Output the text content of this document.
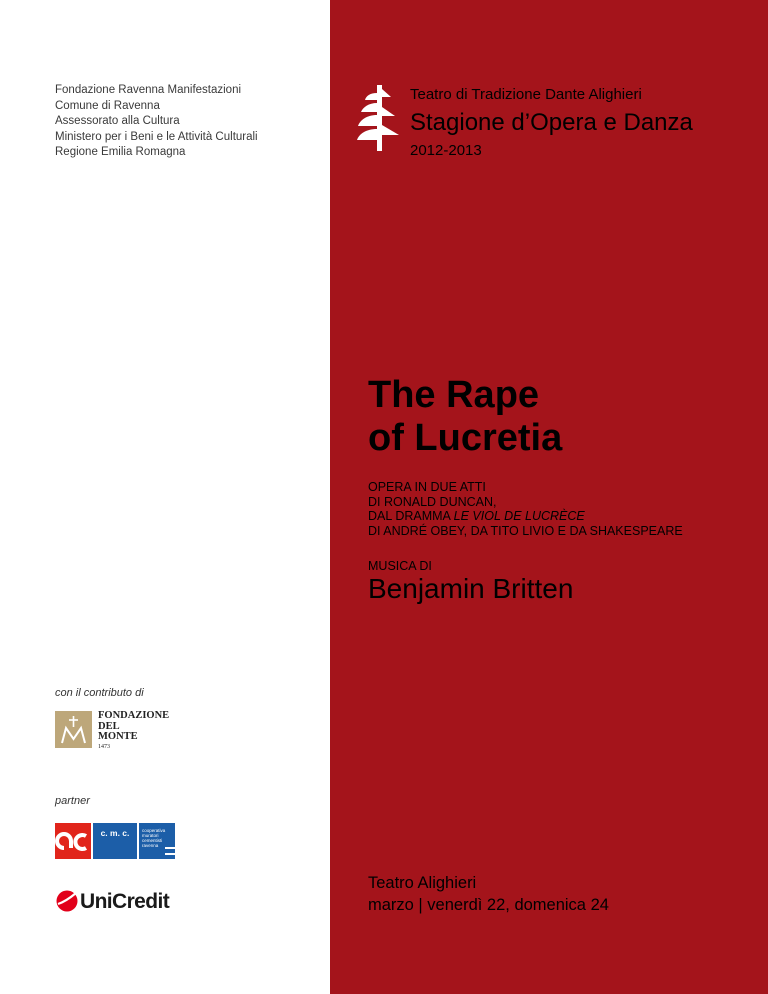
Fondazione Ravenna Manifestazioni
Comune di Ravenna
Assessorato alla Cultura
Ministero per i Beni e le Attività Culturali
Regione Emilia Romagna
con il contributo di
FONDAZIONE
DEL
MONTE
1473
partner
c. m. c.	cooperativa muratori cementisti ravenna
UniCredit
Teatro di Tradizione Dante Alighieri
Stagione d’Opera e Danza
2012-2013
The Rape
of Lucretia
OPERA IN DUE ATTI
DI RONALD DUNCAN,
DAL DRAMMA LE VIOL DE LUCRÈCE
DI ANDRÉ OBEY, DA TITO LIVIO E DA SHAKESPEARE
MUSICA DI
Benjamin Britten
Teatro Alighieri
marzo | venerdì 22, domenica 24
